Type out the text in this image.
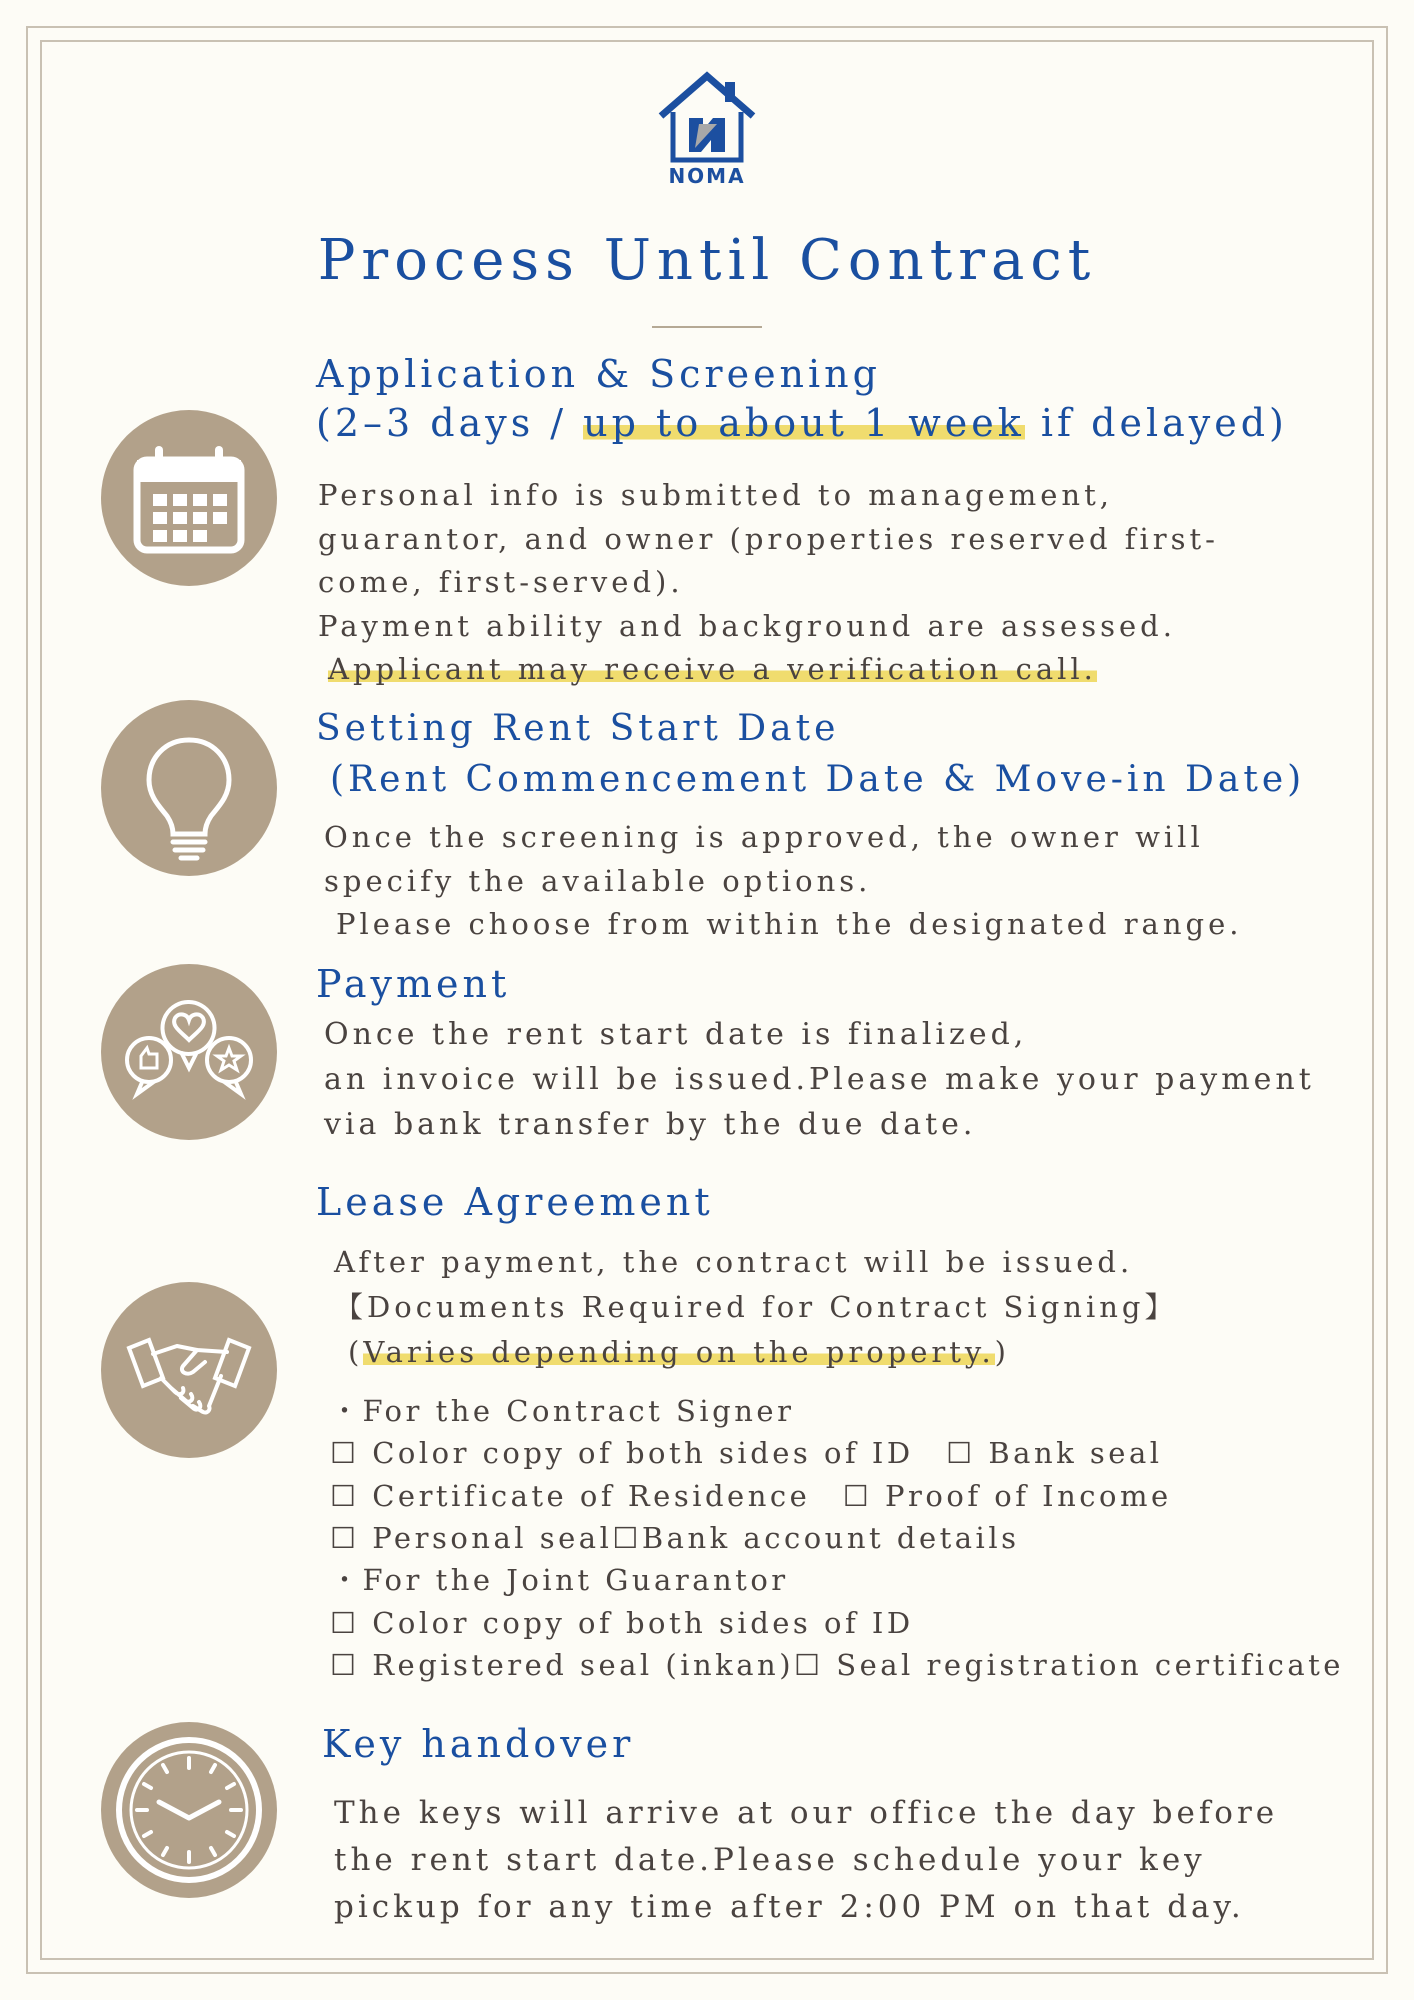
NOMA
Process Until Contract
Application & Screening
(2–3 days / up to about 1 week if delayed)
Personal info is submitted to management,
guarantor, and owner (properties reserved first-
come, first-served).
Payment ability and background are assessed.
Applicant may receive a verification call.
Setting Rent Start Date
(Rent Commencement Date & Move-in Date)
Once the screening is approved, the owner will
specify the available options.
Please choose from within the designated range.
Payment
Once the rent start date is finalized,
an invoice will be issued.Please make your payment
via bank transfer by the due date.
Lease Agreement
After payment, the contract will be issued.
【Documents Required for Contract Signing】
(Varies depending on the property.)
・For the Contract Signer
☐ Color copy of both sides of ID　☐ Bank seal
☐ Certificate of Residence　☐ Proof of Income
☐ Personal seal☐Bank account details
・For the Joint Guarantor
☐ Color copy of both sides of ID
☐ Registered seal (inkan)☐ Seal registration certificate
Key handover
The keys will arrive at our office the day before
the rent start date.Please schedule your key
pickup for any time after 2:00 PM on that day.
